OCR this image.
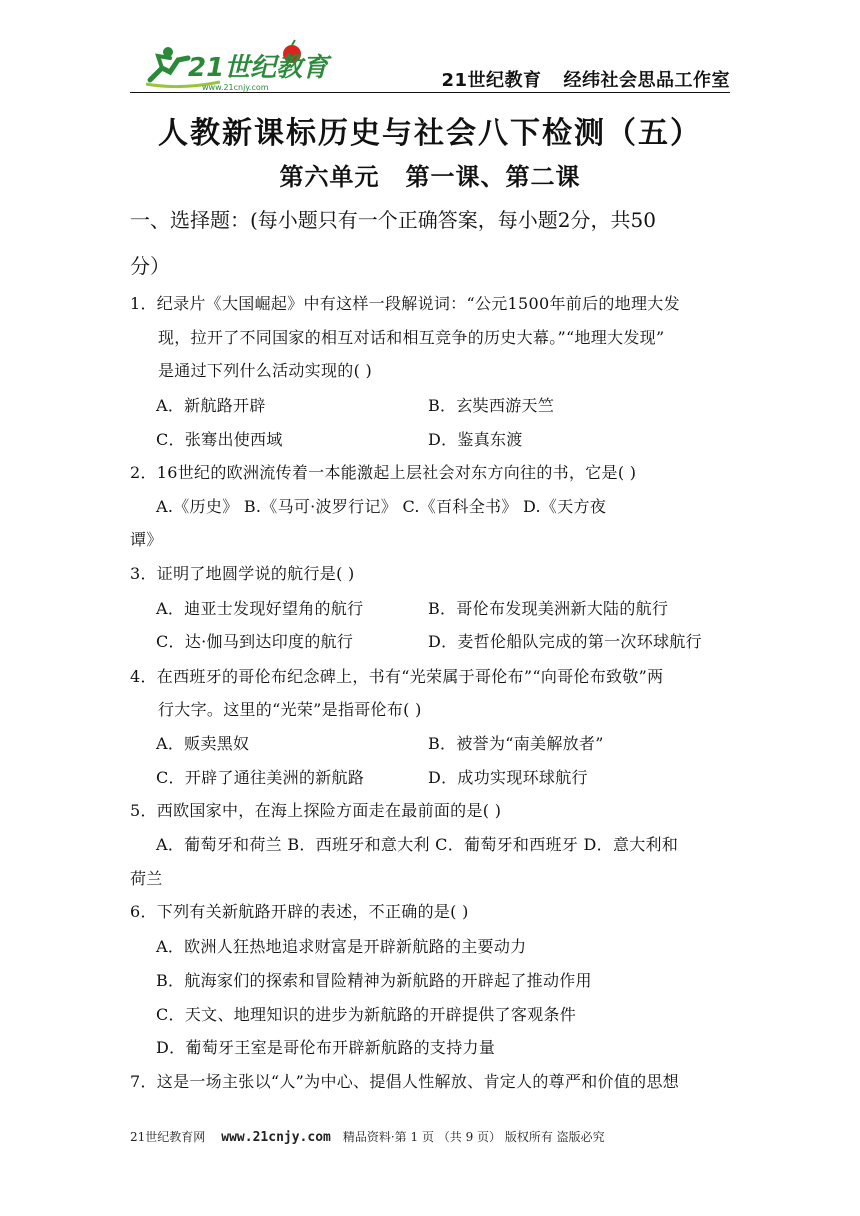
21世纪教育
www.21cnjy.com	21世纪教育 经纬社会思品工作室
人教新课标历史与社会八下检测（五）
第六单元 第一课、第二课
一、选择题：(每小题只有一个正确答案，每小题2分，共50
分）
1．纪录片《大国崛起》中有这样一段解说词：“公元1500年前后的地理大发
现，拉开了不同国家的相互对话和相互竞争的历史大幕。”“地理大发现”
是通过下列什么活动实现的( )
A．新航路开辟	B．玄奘西游天竺
C．张骞出使西域	D．鉴真东渡
2．16世纪的欧洲流传着一本能激起上层社会对东方向往的书，它是( )
A.《历史》 B.《马可·波罗行记》 C.《百科全书》 D.《天方夜
谭》
3．证明了地圆学说的航行是( )
A．迪亚士发现好望角的航行	B．哥伦布发现美洲新大陆的航行
C．达·伽马到达印度的航行	D．麦哲伦船队完成的第一次环球航行
4．在西班牙的哥伦布纪念碑上，书有“光荣属于哥伦布”“向哥伦布致敬”两
行大字。这里的“光荣”是指哥伦布( )
A．贩卖黑奴	B．被誉为“南美解放者”
C．开辟了通往美洲的新航路	D．成功实现环球航行
5．西欧国家中，在海上探险方面走在最前面的是( )
A．葡萄牙和荷兰 B．西班牙和意大利 C．葡萄牙和西班牙 D．意大利和
荷兰
6．下列有关新航路开辟的表述，不正确的是( )
A．欧洲人狂热地追求财富是开辟新航路的主要动力
B．航海家们的探索和冒险精神为新航路的开辟起了推动作用
C．天文、地理知识的进步为新航路的开辟提供了客观条件
D．葡萄牙王室是哥伦布开辟新航路的支持力量
7．这是一场主张以“人”为中心、提倡人性解放、肯定人的尊严和价值的思想
21世纪教育网 www.21cnjy.com 精品资料·第 1 页 （共 9 页） 版权所有 盗版必究
